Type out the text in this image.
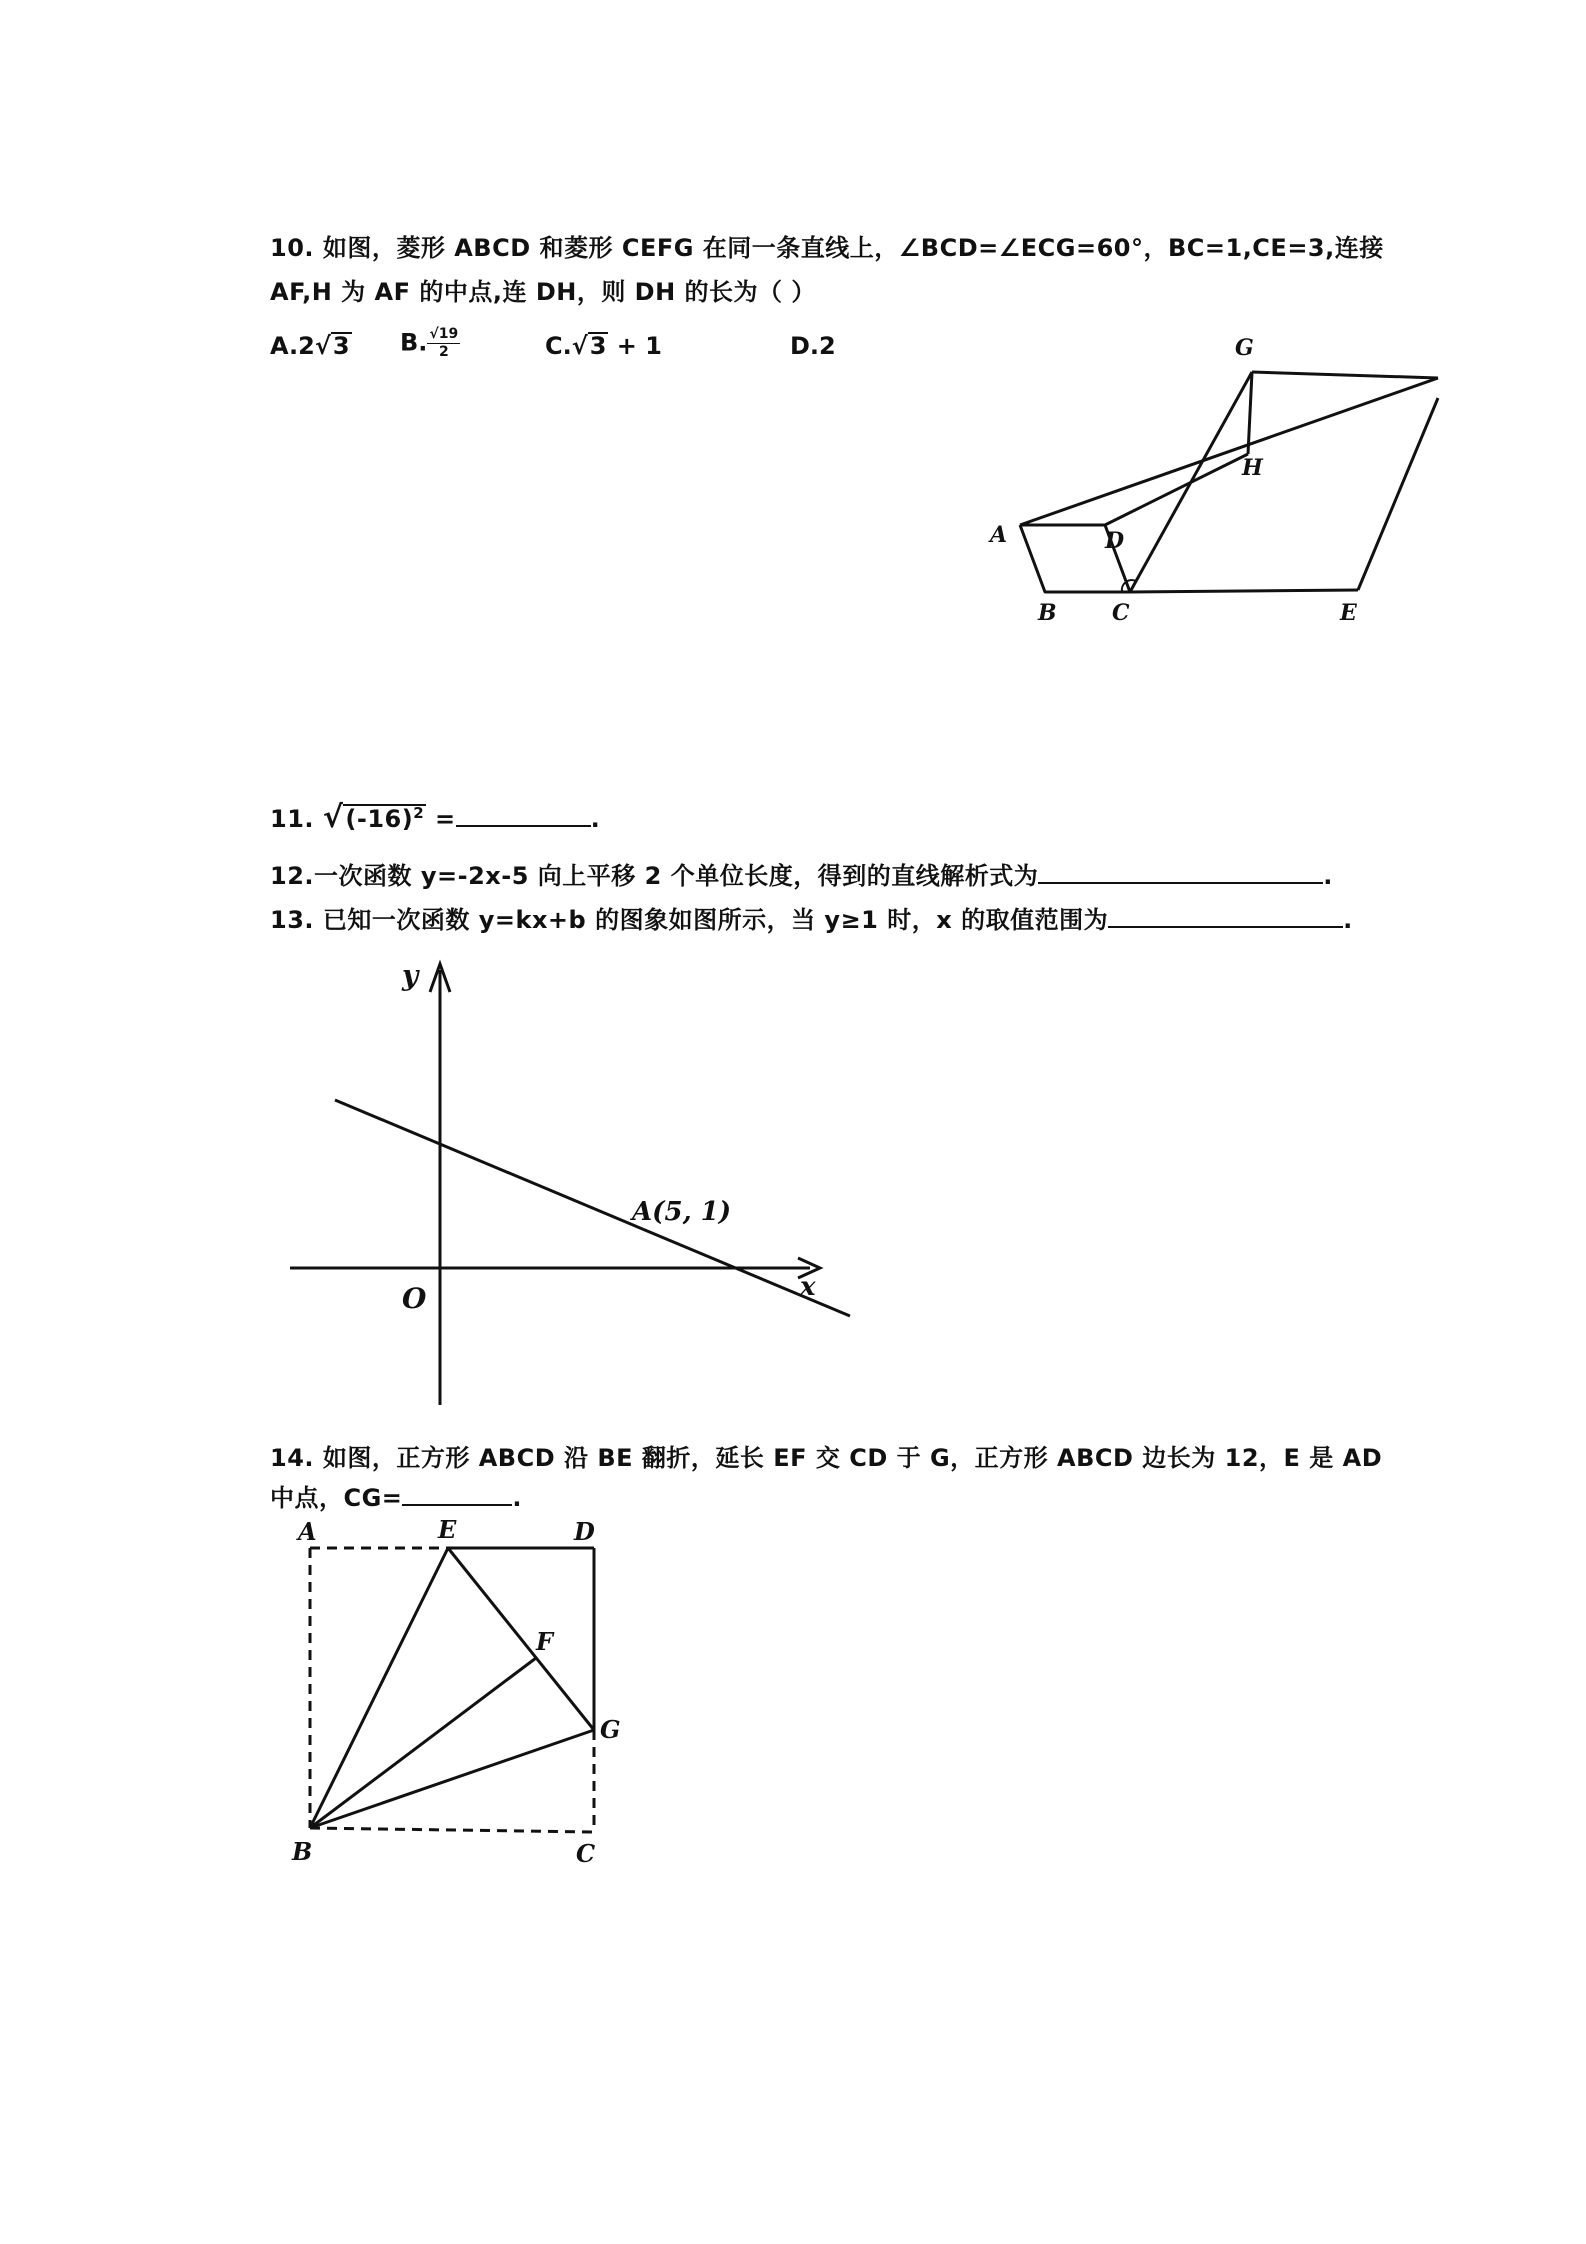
10. 如图，菱形 ABCD 和菱形 CEFG 在同一条直线上，∠BCD=∠ECG=60°，BC=1,CE=3,连接
AF,H 为 AF 的中点,连 DH，则 DH 的长为（ ）
A.2√3 B. $\frac{√19}{2}$	C.√3 + 1	D.2
A
B	C
D
E
G
H
11. $√(-16)^2$ =	.
12.一次函数 y=-2x-5 向上平移 2 个单位长度，得到的直线解析式为	.
13. 已知一次函数 y=kx+b 的图象如图所示，当 y≥1 时，x 的取值范围为	.
y
x
O
A(5, 1)
14. 如图，正方形 ABCD 沿 BE 翻折，延长 EF 交 CD 于 G，正方形 ABCD 边长为 12，E 是 AD
中点，CG=	.
A	E	D
F
G
B	C
